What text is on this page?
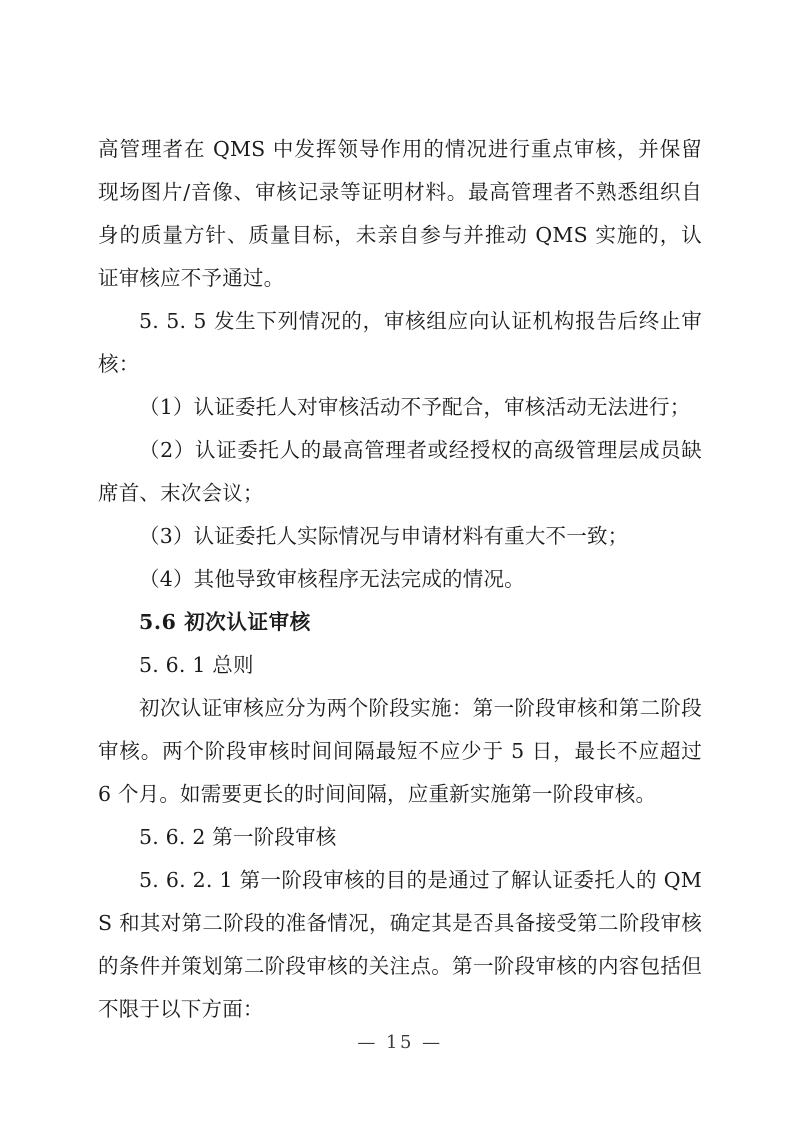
高管理者在 QMS 中发挥领导作用的情况进行重点审核，并保留现场图片/音像、审核记录等证明材料。最高管理者不熟悉组织自身的质量方针、质量目标，未亲自参与并推动 QMS 实施的，认证审核应不予通过。

5. 5. 5 发生下列情况的，审核组应向认证机构报告后终止审核：

（1）认证委托人对审核活动不予配合，审核活动无法进行；

（2）认证委托人的最高管理者或经授权的高级管理层成员缺席首、末次会议；

（3）认证委托人实际情况与申请材料有重大不一致；

（4）其他导致审核程序无法完成的情况。

5.6 初次认证审核

5. 6. 1 总则

初次认证审核应分为两个阶段实施：第一阶段审核和第二阶段审核。两个阶段审核时间间隔最短不应少于 5 日，最长不应超过 6 个月。如需要更长的时间间隔，应重新实施第一阶段审核。

5. 6. 2 第一阶段审核

5. 6. 2. 1 第一阶段审核的目的是通过了解认证委托人的 QMS 和其对第二阶段的准备情况，确定其是否具备接受第二阶段审核的条件并策划第二阶段审核的关注点。第一阶段审核的内容包括但不限于以下方面：

— 15 —
